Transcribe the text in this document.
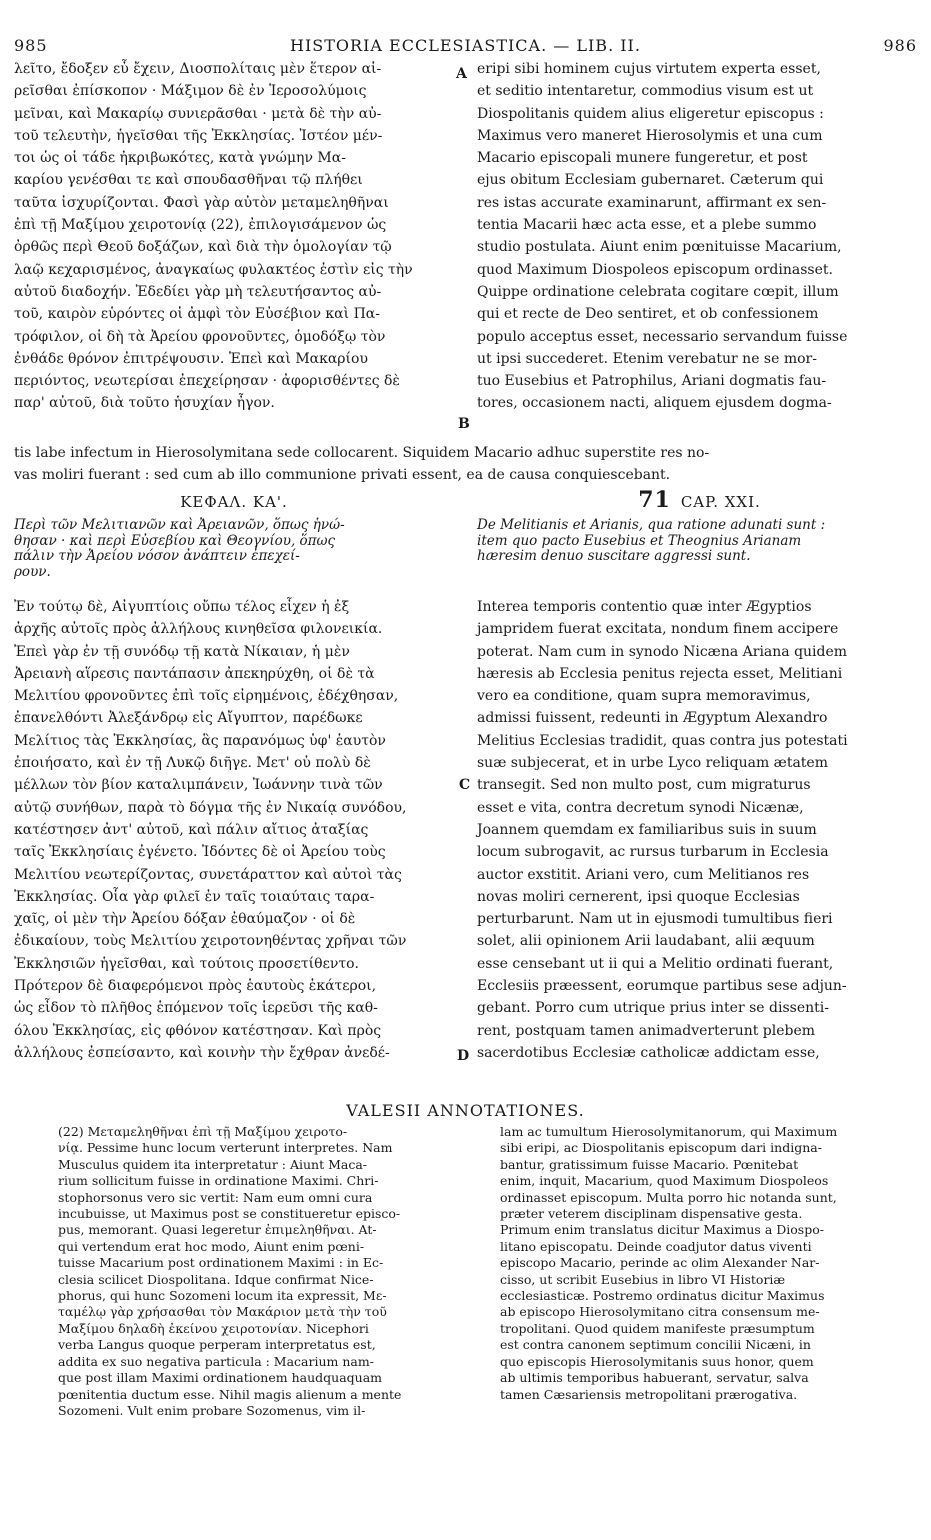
985	HISTORIA ECCLESIASTICA. — LIB. II.	986

λεῖτο, ἔδοξεν εὖ ἔχειν, Διοσπολίταις μὲν ἕτερον αἱ-

ρεῖσθαι ἐπίσκοπον · Μάξιμον δὲ ἐν Ἱεροσολύμοις

μεῖναι, καὶ Μακαρίῳ συνιερᾶσθαι · μετὰ δὲ τὴν αὐ-

τοῦ τελευτὴν, ἡγεῖσθαι τῆς Ἐκκλησίας. Ἰστέον μέν-

τοι ὡς οἱ τάδε ἠκριβωκότες, κατὰ γνώμην Μα-

καρίου γενέσθαι τε καὶ σπουδασθῆναι τῷ πλήθει

ταῦτα ἰσχυρίζονται. Φασὶ γὰρ αὐτὸν μεταμεληθῆναι

ἐπὶ τῇ Μαξίμου χειροτονίᾳ (22), ἐπιλογισάμενον ὡς

ὀρθῶς περὶ Θεοῦ δοξάζων, καὶ διὰ τὴν ὁμολογίαν τῷ

λαῷ κεχαρισμένος, ἀναγκαίως φυλακτέος ἐστὶν εἰς τὴν

αὐτοῦ διαδοχήν. Ἐδεδίει γὰρ μὴ τελευτήσαντος αὐ-

τοῦ, καιρὸν εὑρόντες οἱ ἀμφὶ τὸν Εὐσέβιον καὶ Πα-

τρόφιλον, οἱ δὴ τὰ Ἀρείου φρονοῦντες, ὁμοδόξῳ τὸν

ἐνθάδε θρόνον ἐπιτρέψουσιν. Ἐπεὶ καὶ Μακαρίου

περιόντος, νεωτερίσαι ἐπεχείρησαν · ἀφορισθέντες δὲ

παρ' αὐτοῦ, διὰ τοῦτο ἡσυχίαν ἦγον.

eripi sibi hominem cujus virtutem experta esset,

et seditio intentaretur, commodius visum est ut

Diospolitanis quidem alius eligeretur episcopus :

Maximus vero maneret Hierosolymis et una cum

Macario episcopali munere fungeretur, et post

ejus obitum Ecclesiam gubernaret. Cæterum qui

res istas accurate examinarunt, affirmant ex sen-

tentia Macarii hæc acta esse, et a plebe summo

studio postulata. Aiunt enim pœnituisse Macarium,

quod Maximum Diospoleos episcopum ordinasset.

Quippe ordinatione celebrata cogitare cœpit, illum

qui et recte de Deo sentiret, et ob confessionem

populo acceptus esset, necessario servandum fuisse

ut ipsi succederet. Etenim verebatur ne se mor-

tuo Eusebius et Patrophilus, Ariani dogmatis fau-

tores, occasionem nacti, aliquem ejusdem dogma-

A
B
C
D

tis labe infectum in Hierosolymitana sede collocarent. Siquidem Macario adhuc superstite res no-

vas moliri fuerant : sed cum ab illo communione privati essent, ea de causa conquiescebant.

ΚΕΦΑΛ. ΚΑ'.	71 CAP. XXI.

Περὶ τῶν Μελιτιανῶν καὶ Ἀρειανῶν, ὅπως ἡνώ-

θησαν · καὶ περὶ Εὐσεβίου καὶ Θεογνίου, ὅπως

πάλιν τὴν Ἀρείου νόσον ἀνάπτειν ἐπεχεί-

ρουν.

De Melitianis et Arianis, qua ratione adunati sunt :

item quo pacto Eusebius et Theognius Arianam

hæresim denuo suscitare aggressi sunt.

Ἐν τούτῳ δὲ, Αἰγυπτίοις οὔπω τέλος εἶχεν ἡ ἐξ

ἀρχῆς αὐτοῖς πρὸς ἀλλήλους κινηθεῖσα φιλονεικία.

Ἐπεὶ γὰρ ἐν τῇ συνόδῳ τῇ κατὰ Νίκαιαν, ἡ μὲν

Ἀρειανὴ αἵρεσις παντάπασιν ἀπεκηρύχθη, οἱ δὲ τὰ

Μελιτίου φρονοῦντες ἐπὶ τοῖς εἰρημένοις, ἐδέχθησαν,

ἐπανελθόντι Ἀλεξάνδρῳ εἰς Αἴγυπτον, παρέδωκε

Μελίτιος τὰς Ἐκκλησίας, ἃς παρανόμως ὑφ' ἑαυτὸν

ἐποιήσατο, καὶ ἐν τῇ Λυκῷ διῆγε. Μετ' οὐ πολὺ δὲ

μέλλων τὸν βίον καταλιμπάνειν, Ἰωάννην τινὰ τῶν

αὐτῷ συνήθων, παρὰ τὸ δόγμα τῆς ἐν Νικαίᾳ συνόδου,

κατέστησεν ἀντ' αὐτοῦ, καὶ πάλιν αἴτιος ἀταξίας

ταῖς Ἐκκλησίαις ἐγένετο. Ἰδόντες δὲ οἱ Ἀρείου τοὺς

Μελιτίου νεωτερίζοντας, συνετάραττον καὶ αὐτοὶ τὰς

Ἐκκλησίας. Οἷα γὰρ φιλεῖ ἐν ταῖς τοιαύταις ταρα-

χαῖς, οἱ μὲν τὴν Ἀρείου δόξαν ἐθαύμαζον · οἱ δὲ

ἐδικαίουν, τοὺς Μελιτίου χειροτονηθέντας χρῆναι τῶν

Ἐκκλησιῶν ἡγεῖσθαι, καὶ τούτοις προσετίθεντο.

Πρότερον δὲ διαφερόμενοι πρὸς ἑαυτοὺς ἑκάτεροι,

ὡς εἶδον τὸ πλῆθος ἑπόμενον τοῖς ἱερεῦσι τῆς καθ-

όλου Ἐκκλησίας, εἰς φθόνον κατέστησαν. Καὶ πρὸς

ἀλλήλους ἐσπείσαντο, καὶ κοινὴν τὴν ἔχθραν ἀνεδέ-

Interea temporis contentio quæ inter Ægyptios

jampridem fuerat excitata, nondum finem accipere

poterat. Nam cum in synodo Nicæna Ariana quidem

hæresis ab Ecclesia penitus rejecta esset, Melitiani

vero ea conditione, quam supra memoravimus,

admissi fuissent, redeunti in Ægyptum Alexandro

Melitius Ecclesias tradidit, quas contra jus potestati

suæ subjecerat, et in urbe Lyco reliquam ætatem

transegit. Sed non multo post, cum migraturus

esset e vita, contra decretum synodi Nicænæ,

Joannem quemdam ex familiaribus suis in suum

locum subrogavit, ac rursus turbarum in Ecclesia

auctor exstitit. Ariani vero, cum Melitianos res

novas moliri cernerent, ipsi quoque Ecclesias

perturbarunt. Nam ut in ejusmodi tumultibus fieri

solet, alii opinionem Arii laudabant, alii æquum

esse censebant ut ii qui a Melitio ordinati fuerant,

Ecclesiis præessent, eorumque partibus sese adjun-

gebant. Porro cum utrique prius inter se dissenti-

rent, postquam tamen animadverterunt plebem

sacerdotibus Ecclesiæ catholicæ addictam esse,

VALESII ANNOTATIONES.

(22) Μεταμεληθῆναι ἐπὶ τῇ Μαξίμου χειροτο-

νίᾳ. Pessime hunc locum verterunt interpretes. Nam

Musculus quidem ita interpretatur : Aiunt Maca-

rium sollicitum fuisse in ordinatione Maximi. Chri-

stophorsonus vero sic vertit: Nam eum omni cura

incubuisse, ut Maximus post se constitueretur episco-

pus, memorant. Quasi legeretur ἐπιμεληθῆναι. At-

qui vertendum erat hoc modo, Aiunt enim pœni-

tuisse Macarium post ordinationem Maximi : in Ec-

clesia scilicet Diospolitana. Idque confirmat Nice-

phorus, qui hunc Sozomeni locum ita expressit, Με-

ταμέλῳ γὰρ χρήσασθαι τὸν Μακάριον μετὰ τὴν τοῦ

Μαξίμου δηλαδὴ ἐκείνου χειροτονίαν. Nicephori

verba Langus quoque perperam interpretatus est,

addita ex suo negativa particula : Macarium nam-

que post illam Maximi ordinationem haudquaquam

pœnitentia ductum esse. Nihil magis alienum a mente

Sozomeni. Vult enim probare Sozomenus, vim il-

lam ac tumultum Hierosolymitanorum, qui Maximum

sibi eripi, ac Diospolitanis episcopum dari indigna-

bantur, gratissimum fuisse Macario. Pœnitebat

enim, inquit, Macarium, quod Maximum Diospoleos

ordinasset episcopum. Multa porro hic notanda sunt,

præter veterem disciplinam dispensative gesta.

Primum enim translatus dicitur Maximus a Diospo-

litano episcopatu. Deinde coadjutor datus viventi

episcopo Macario, perinde ac olim Alexander Nar-

cisso, ut scribit Eusebius in libro VI Historiæ

ecclesiasticæ. Postremo ordinatus dicitur Maximus

ab episcopo Hierosolymitano citra consensum me-

tropolitani. Quod quidem manifeste præsumptum

est contra canonem septimum concilii Nicæni, in

quo episcopis Hierosolymitanis suus honor, quem

ab ultimis temporibus habuerant, servatur, salva

tamen Cæsariensis metropolitani prærogativa.
